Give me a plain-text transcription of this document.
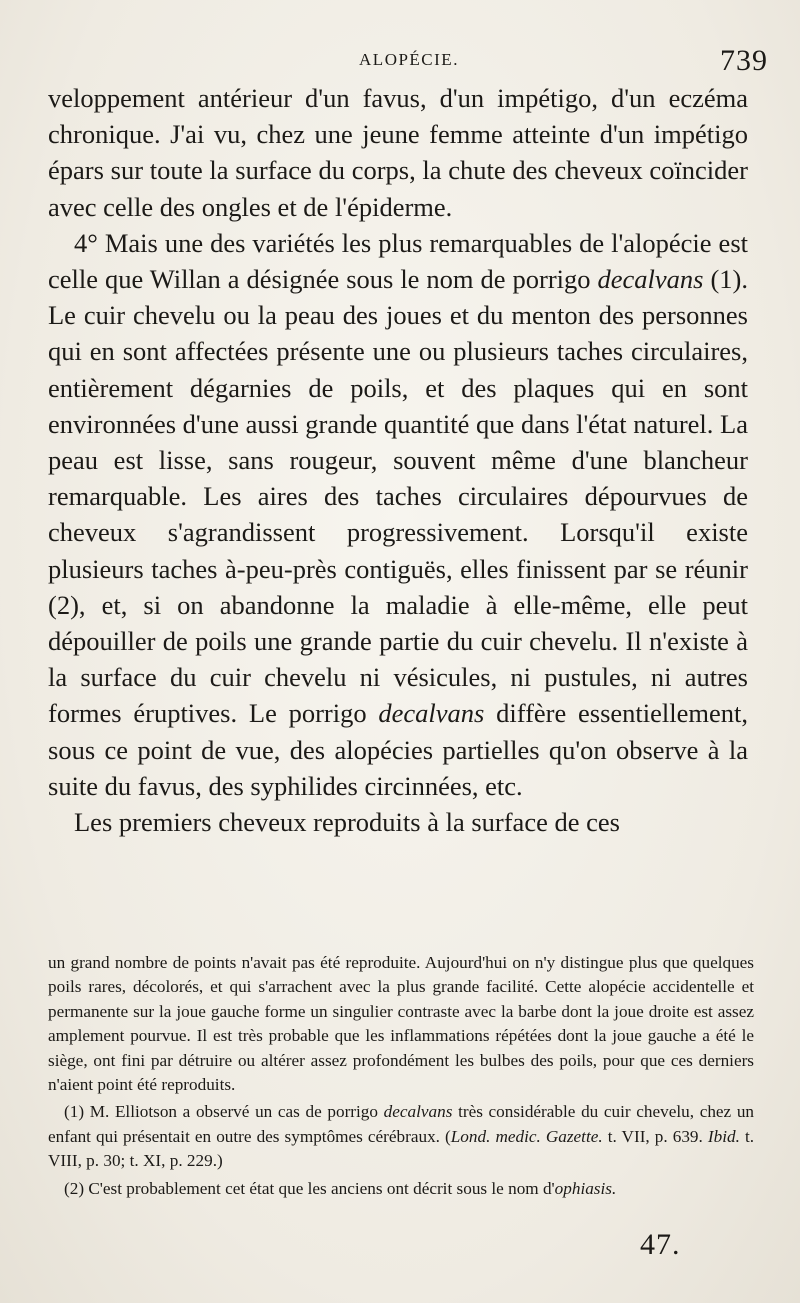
ALOPÉCIE.	739

veloppement antérieur d'un favus, d'un impétigo, d'un eczéma chronique. J'ai vu, chez une jeune femme atteinte d'un impétigo épars sur toute la surface du corps, la chute des cheveux coïncider avec celle des ongles et de l'épiderme.

4° Mais une des variétés les plus remarquables de l'alopécie est celle que Willan a désignée sous le nom de porrigo decalvans (1). Le cuir chevelu ou la peau des joues et du menton des personnes qui en sont affectées présente une ou plusieurs taches circulaires, entièrement dégarnies de poils, et des plaques qui en sont environnées d'une aussi grande quantité que dans l'état naturel. La peau est lisse, sans rougeur, souvent même d'une blancheur remarquable. Les aires des taches circulaires dépourvues de cheveux s'agrandissent progressivement. Lorsqu'il existe plusieurs taches à-peu-près contiguës, elles finissent par se réunir (2), et, si on abandonne la maladie à elle-même, elle peut dépouiller de poils une grande partie du cuir chevelu. Il n'existe à la surface du cuir chevelu ni vésicules, ni pustules, ni autres formes éruptives. Le porrigo decalvans diffère essentiellement, sous ce point de vue, des alopécies partielles qu'on observe à la suite du favus, des syphilides circinnées, etc.

Les premiers cheveux reproduits à la surface de ces

un grand nombre de points n'avait pas été reproduite. Aujourd'hui on n'y distingue plus que quelques poils rares, décolorés, et qui s'arrachent avec la plus grande facilité. Cette alopécie accidentelle et permanente sur la joue gauche forme un singulier contraste avec la barbe dont la joue droite est assez amplement pourvue. Il est très probable que les inflammations répétées dont la joue gauche a été le siège, ont fini par détruire ou altérer assez profondément les bulbes des poils, pour que ces derniers n'aient point été reproduits.

(1) M. Elliotson a observé un cas de porrigo decalvans très considérable du cuir chevelu, chez un enfant qui présentait en outre des symptômes cérébraux. (Lond. medic. Gazette. t. VII, p. 639. Ibid. t. VIII, p. 30; t. XI, p. 229.)

(2) C'est probablement cet état que les anciens ont décrit sous le nom d'ophiasis.

47.
